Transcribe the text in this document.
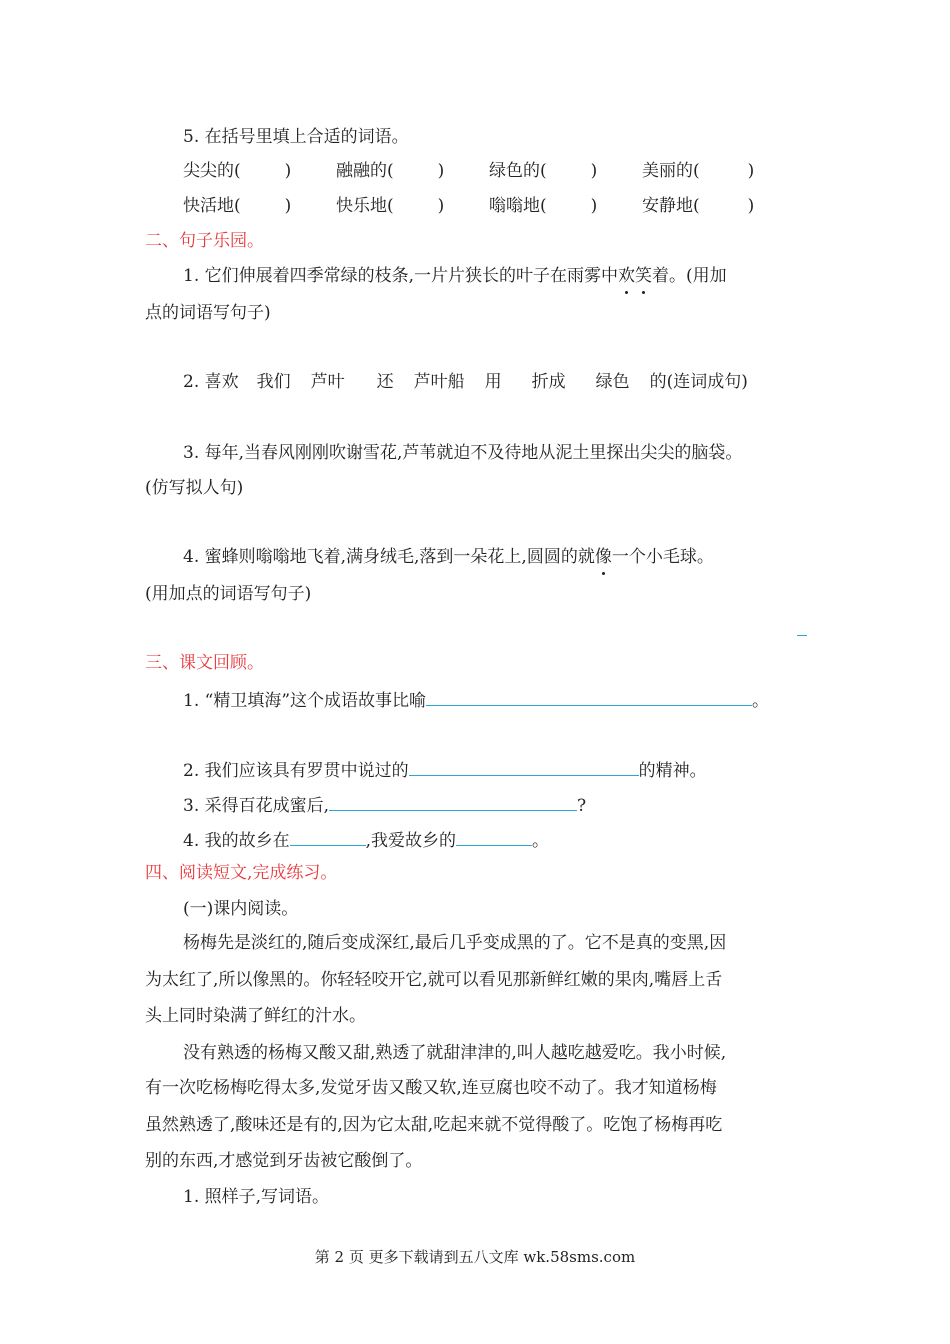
5. 在括号里填上合适的词语。
尖尖的(	)	融融的(	)	绿色的(	)	美丽的(	)
快活地(	)	快乐地(	)	嗡嗡地(	)	安静地(	)
二、句子乐园。
1. 它们伸展着四季常绿的枝条,一片片狭长的叶子在雨雾中欢笑着。(用加
点的词语写句子)
2. 喜欢 我们 芦叶 还 芦叶船 用 折成 绿色 的(连词成句)
3. 每年,当春风刚刚吹谢雪花,芦苇就迫不及待地从泥土里探出尖尖的脑袋。
(仿写拟人句)
4. 蜜蜂则嗡嗡地飞着,满身绒毛,落到一朵花上,圆圆的就像一个小毛球。
(用加点的词语写句子)
三、课文回顾。
1. “精卫填海”这个成语故事比喻	。
2. 我们应该具有罗贯中说过的	的精神。
3. 采得百花成蜜后,	?
4. 我的故乡在	,我爱故乡的	。
四、阅读短文,完成练习。
(一)课内阅读。
杨梅先是淡红的,随后变成深红,最后几乎变成黑的了。它不是真的变黑,因
为太红了,所以像黑的。你轻轻咬开它,就可以看见那新鲜红嫩的果肉,嘴唇上舌
头上同时染满了鲜红的汁水。
没有熟透的杨梅又酸又甜,熟透了就甜津津的,叫人越吃越爱吃。我小时候,
有一次吃杨梅吃得太多,发觉牙齿又酸又软,连豆腐也咬不动了。我才知道杨梅
虽然熟透了,酸味还是有的,因为它太甜,吃起来就不觉得酸了。吃饱了杨梅再吃
别的东西,才感觉到牙齿被它酸倒了。
1. 照样子,写词语。
第 2 页 更多下载请到五八文库 wk.58sms.com
